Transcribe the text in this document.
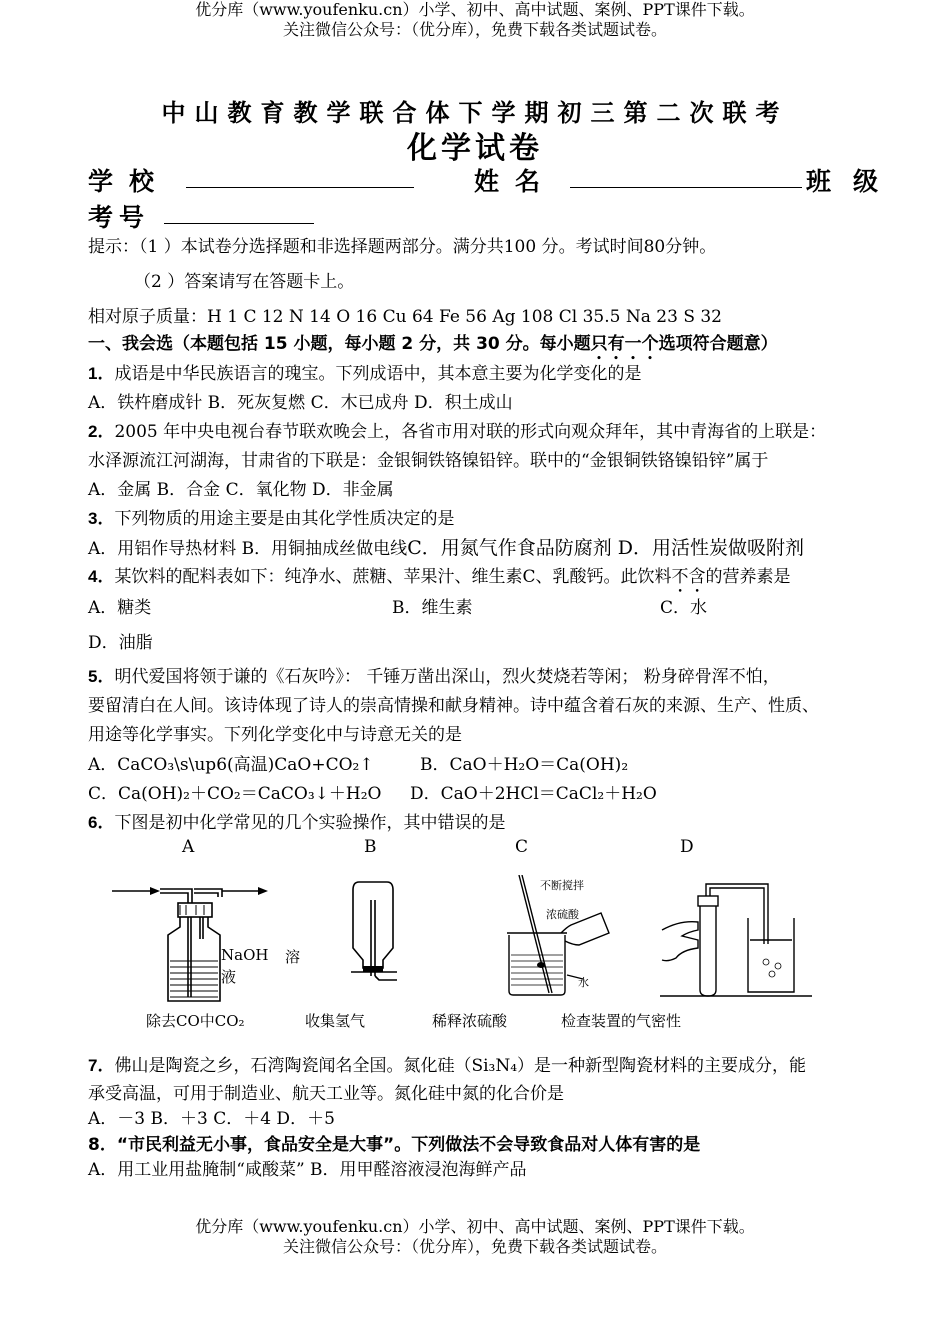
优分库（www.youfenku.cn）小学、初中、高中试题、案例、PPT课件下载。
关注微信公众号：（优分库），免费下载各类试题试卷。
中山教育教学联合体下学期初三第二次联考
化学试卷
学校	姓名	班级
考号
提示：（1 ）本试卷分选择题和非选择题两部分。满分共100 分。考试时间80分钟。
（2 ）答案请写在答题卡上。
相对原子质量：H 1 C 12 N 14 O 16 Cu 64 Fe 56 Ag 108 Cl 35.5 Na 23 S 32
一、我会选（本题包括 15 小题，每小题 2 分，共 30 分。每小题只有一个选项符合题意）
1．成语是中华民族语言的瑰宝。下列成语中，其本意主要为化学变化的是
A．铁杵磨成针 B．死灰复燃 C．木已成舟 D．积土成山
2．2005 年中央电视台春节联欢晚会上，各省市用对联的形式向观众拜年，其中青海省的上联是：
水泽源流江河湖海，甘肃省的下联是：金银铜铁铬镍铅锌。联中的“金银铜铁铬镍铅锌”属于
A．金属 B．合金 C．氧化物 D．非金属
3．下列物质的用途主要是由其化学性质决定的是
A．用铝作导热材料 B．用铜抽成丝做电线C．用氮气作食品防腐剂 D．用活性炭做吸附剂
4．某饮料的配料表如下：纯净水、蔗糖、苹果汁、维生素C、乳酸钙。此饮料不含的营养素是
A．糖类	B．维生素	C．水
D．油脂
5．明代爱国将领于谦的《石灰吟》： 千锤万凿出深山，烈火焚烧若等闲； 粉身碎骨浑不怕，
要留清白在人间。该诗体现了诗人的崇高情操和献身精神。诗中蕴含着石灰的来源、生产、性质、
用途等化学事实。下列化学变化中与诗意无关的是
A．CaCO₃\s\up6(高温)CaO+CO₂↑	B．CaO＋H₂O＝Ca(OH)₂
C．Ca(OH)₂＋CO₂＝CaCO₃↓＋H₂O D．CaO＋2HCl＝CaCl₂＋H₂O
6．下图是初中化学常见的几个实验操作，其中错误的是
A	B	C	D
NaOH 溶
液
不断搅拌
浓硫酸
水
除去CO中CO₂	收集氢气	稀释浓硫酸	检查装置的气密性
7．佛山是陶瓷之乡，石湾陶瓷闻名全国。氮化硅（Si₃N₄）是一种新型陶瓷材料的主要成分，能
承受高温，可用于制造业、航天工业等。氮化硅中氮的化合价是
A．－3 B．＋3 C．＋4 D．＋5
8．“市民利益无小事，食品安全是大事”。下列做法不会导致食品对人体有害的是
A．用工业用盐腌制“咸酸菜” B．用甲醛溶液浸泡海鲜产品
优分库（www.youfenku.cn）小学、初中、高中试题、案例、PPT课件下载。
关注微信公众号：（优分库），免费下载各类试题试卷。
